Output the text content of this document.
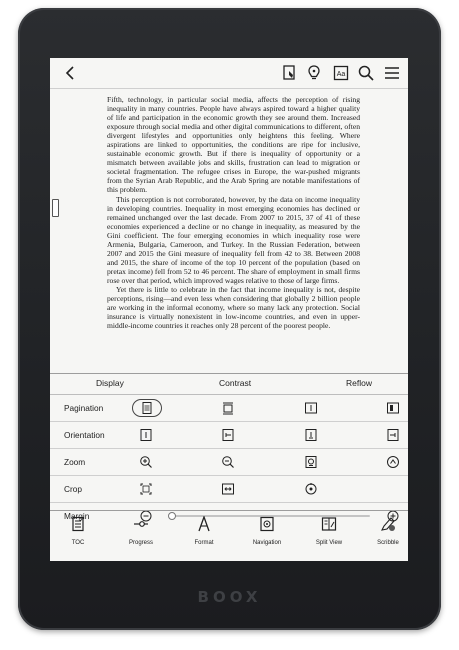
Aa

Fifth, technology, in particular social media, affects the perception of rising inequality in many countries. People have always aspired toward a higher quality of life and participation in the economic growth they see around them. Increased exposure through social media and other digital communications to different, often divergent lifestyles and opportunities only heightens this feeling. Where aspirations are linked to opportunities, the conditions are ripe for inclusive, sustainable economic growth. But if there is inequality of opportunity or a mismatch between available jobs and skills, frustration can lead to migration or societal fragmentation. The refugee crises in Europe, the war-pushed migrants from the Syrian Arab Republic, and the Arab Spring are notable manifestations of this problem.

This perception is not corroborated, however, by the data on income inequality in developing countries. Inequality in most emerging economies has declined or remained unchanged over the last decade. From 2007 to 2015, 37 of 41 of these economies experienced a decline or no change in inequality, as measured by the Gini coefficient. The four emerging economies in which inequality rose were Armenia, Bulgaria, Cameroon, and Turkey. In the Russian Federation, between 2007 and 2015 the Gini measure of inequality fell from 42 to 38. Between 2008 and 2015, the share of income of the top 10 percent of the population (based on pretax income) fell from 52 to 46 percent. The share of employment in small firms rose over that period, which improved wages relative to those of large firms.

Yet there is little to celebrate in the fact that income inequality is not, despite perceptions, rising—and even less when considering that globally 2 billion people are working in the informal economy, where so many lack any protection. Social insurance is virtually nonexistent in low-income countries, and even in upper-middle-income countries it reaches only 28 percent of the poorest people.

Display	Contrast	Reflow
Pagination
Orientation
Zoom
Crop
Margin
TOC	Progress	Format	Navigation	Split View	Scribble
BOOX
